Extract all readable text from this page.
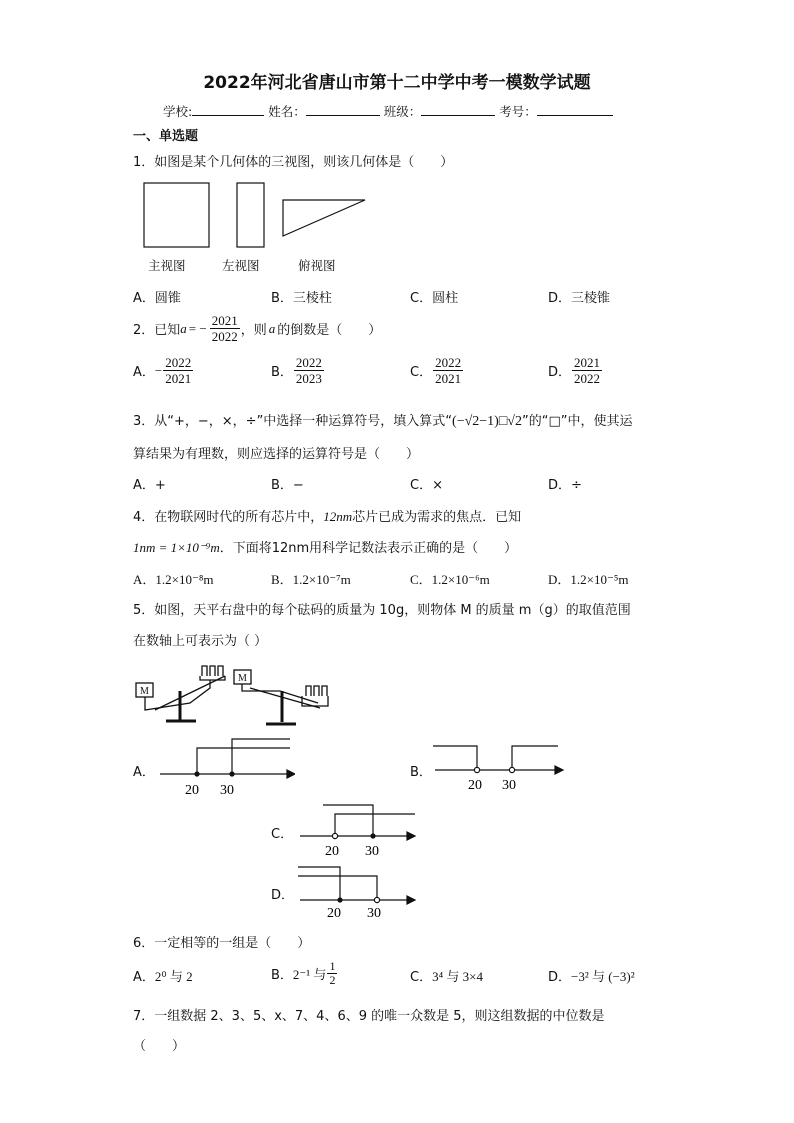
2022年河北省唐山市第十二中学中考一模数学试题
学校:	姓名：	班级：	考号：
一、单选题
1．如图是某个几何体的三视图，则该几何体是（　　）
主视图	左视图	俯视图
A．圆锥	B．三棱柱	C．圆柱	D．三棱锥
2．已知 a = − $\frac{2021}{2022}$ ，则 a 的倒数是（　　）
A． − $\frac{2022}{2021}$	B． $\frac{2022}{2023}$	C． $\frac{2022}{2021}$	D． $\frac{2021}{2022}$
3．从“+，−，×，÷”中选择一种运算符号，填入算式“(−√2−1)□√2”的“□”中，使其运
算结果为有理数，则应选择的运算符号是（　　）
A．+	B．−	C．×	D．÷
4．在物联网时代的所有芯片中，12nm芯片已成为需求的焦点．已知
1nm = 1×10⁻⁹m．下面将12nm用科学记数法表示正确的是（　　）
A．1.2×10⁻⁸m	B．1.2×10⁻⁷m	C．1.2×10⁻⁶m	D．1.2×10⁻⁵m
5．如图，天平右盘中的每个砝码的质量为 10g，则物体 M 的质量 m（g）的取值范围
在数轴上可表示为（ ）
M
M
A．
20 30
B．
20 30
C．
20 30
D．
20 30
6．一定相等的一组是（　　）
A．2⁰ 与 2	B． 2⁻¹ 与 $\frac{1}{2}$	C．3⁴ 与 3×4	D．−3² 与 (−3)²
7．一组数据 2、3、5、x、7、4、6、9 的唯一众数是 5，则这组数据的中位数是
（　　）
